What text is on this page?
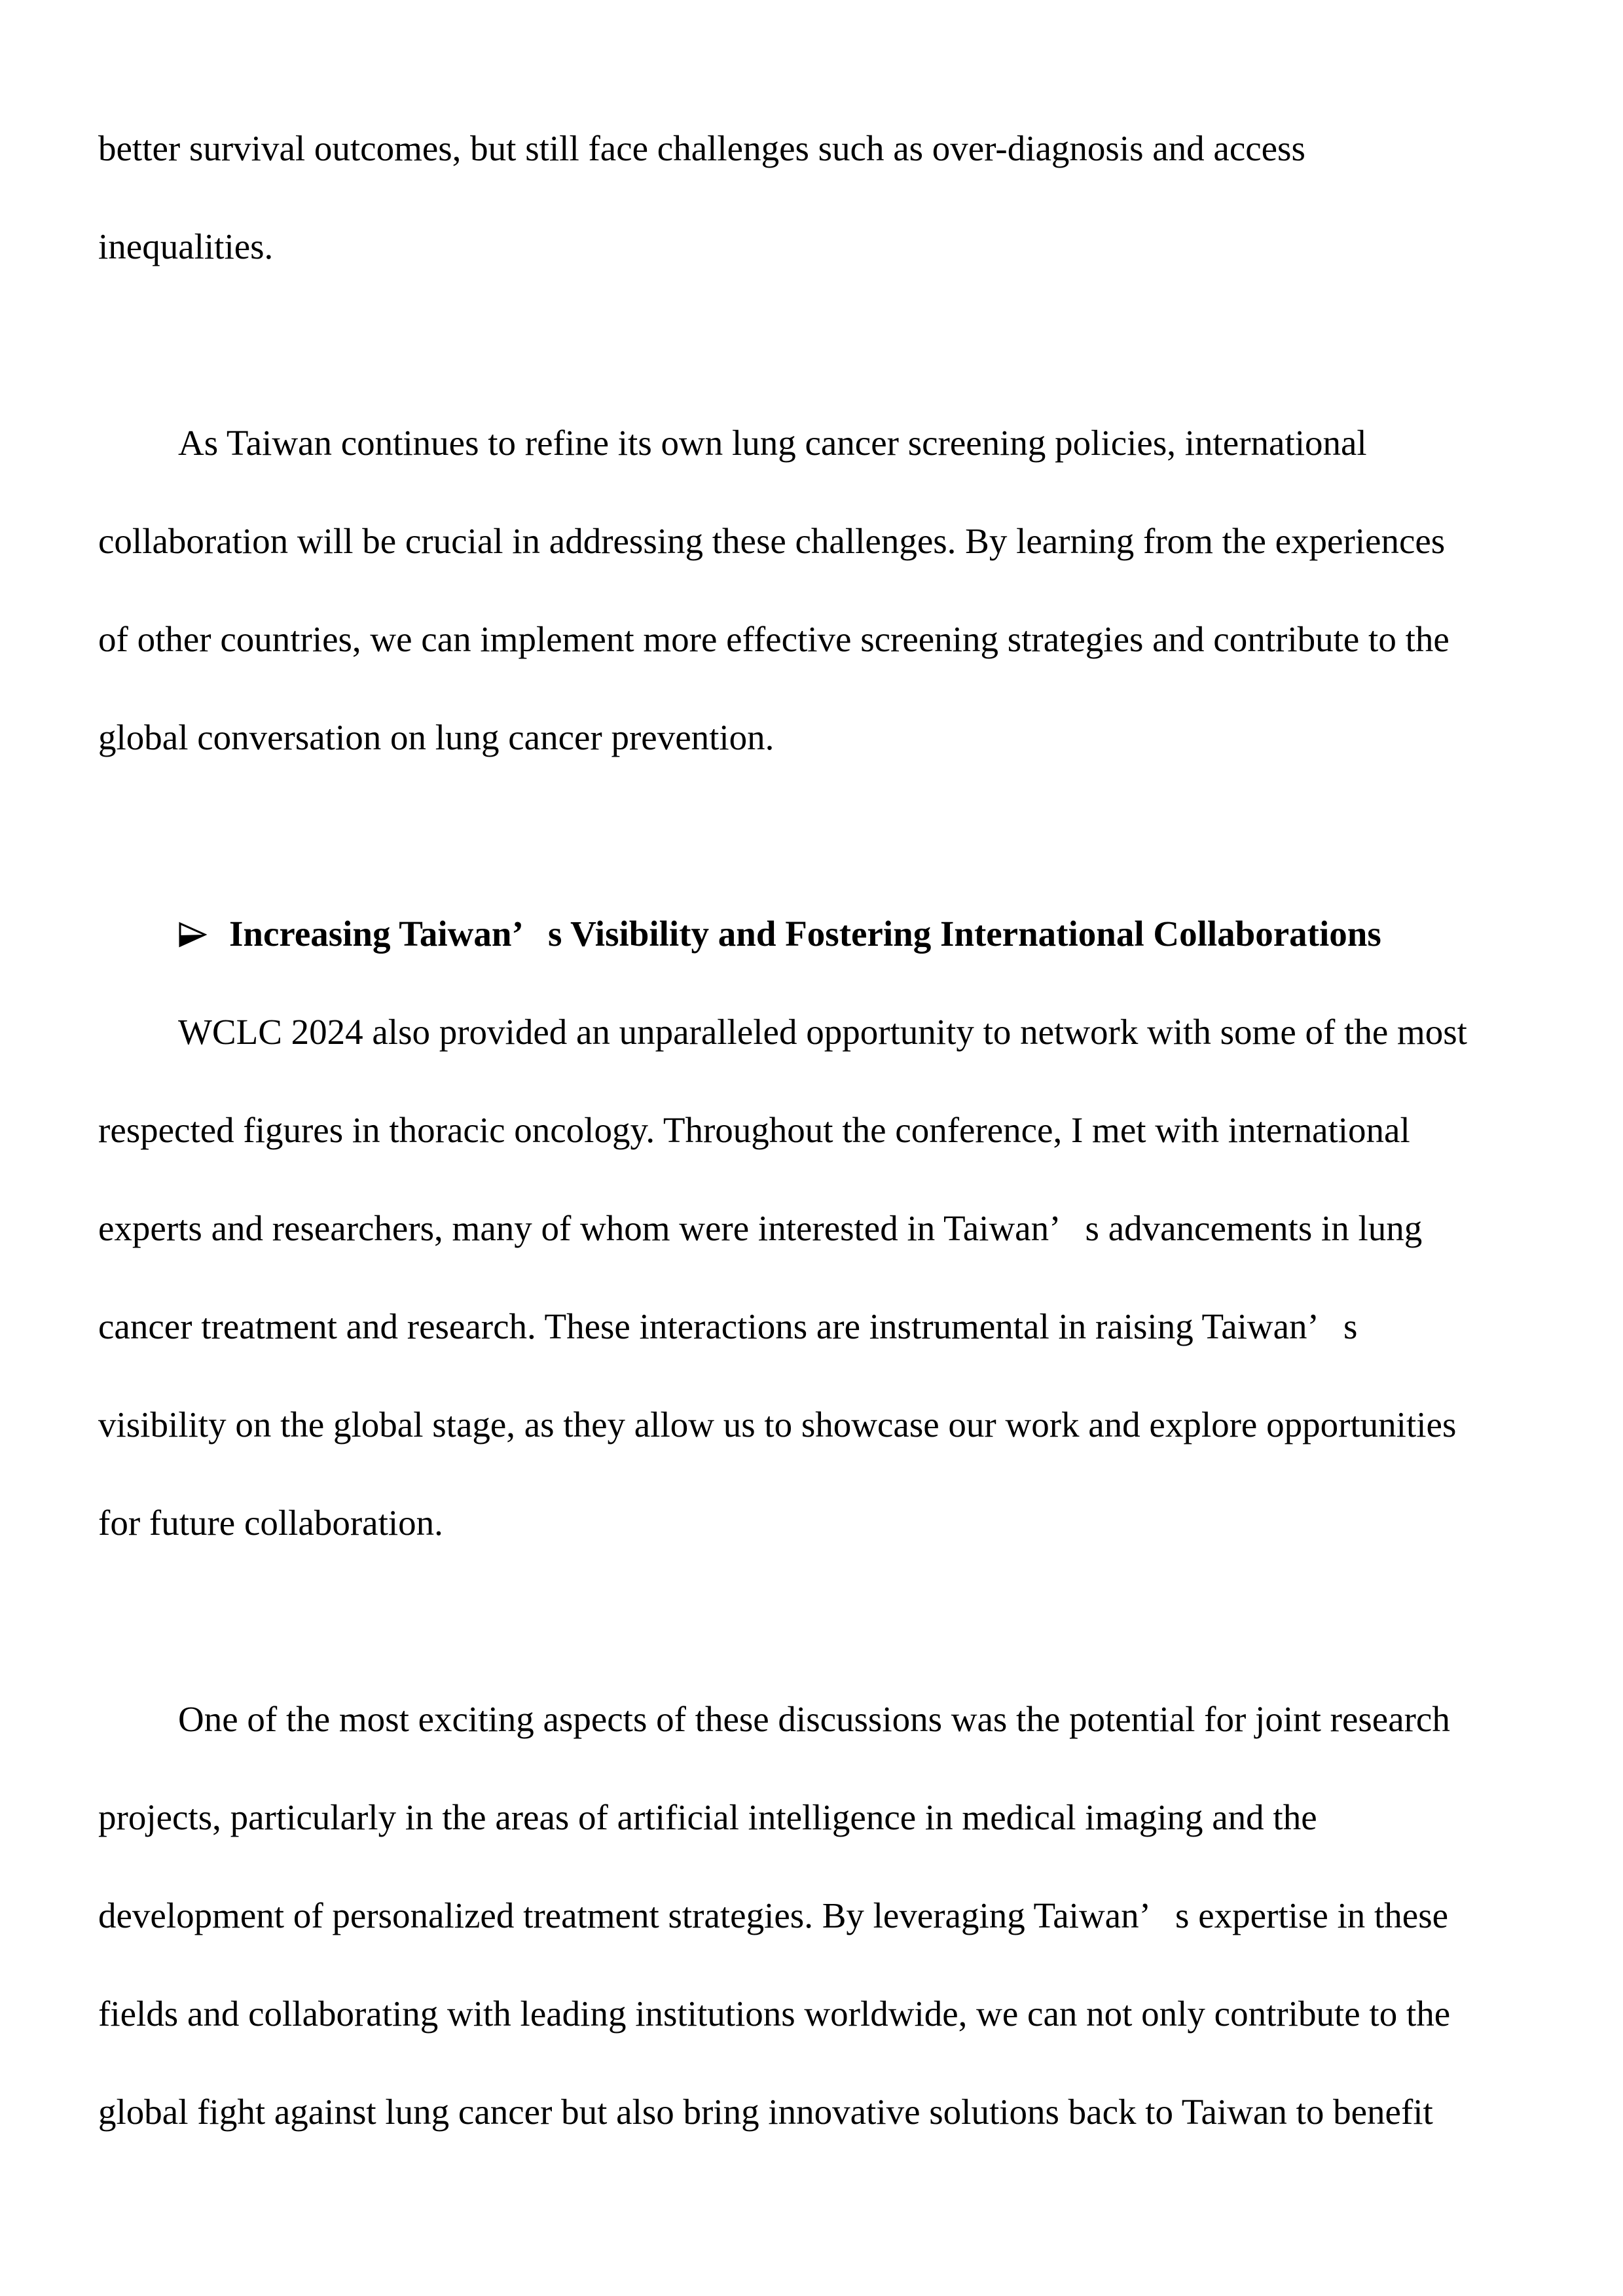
better survival outcomes, but still face challenges such as over-diagnosis and access
inequalities.
As Taiwan continues to refine its own lung cancer screening policies, international
collaboration will be crucial in addressing these challenges. By learning from the experiences
of other countries, we can implement more effective screening strategies and contribute to the
global conversation on lung cancer prevention.
Increasing Taiwan’   s Visibility and Fostering International Collaborations
WCLC 2024 also provided an unparalleled opportunity to network with some of the most
respected figures in thoracic oncology. Throughout the conference, I met with international
experts and researchers, many of whom were interested in Taiwan’   s advancements in lung
cancer treatment and research. These interactions are instrumental in raising Taiwan’   s
visibility on the global stage, as they allow us to showcase our work and explore opportunities
for future collaboration.
One of the most exciting aspects of these discussions was the potential for joint research
projects, particularly in the areas of artificial intelligence in medical imaging and the
development of personalized treatment strategies. By leveraging Taiwan’   s expertise in these
fields and collaborating with leading institutions worldwide, we can not only contribute to the
global fight against lung cancer but also bring innovative solutions back to Taiwan to benefit
